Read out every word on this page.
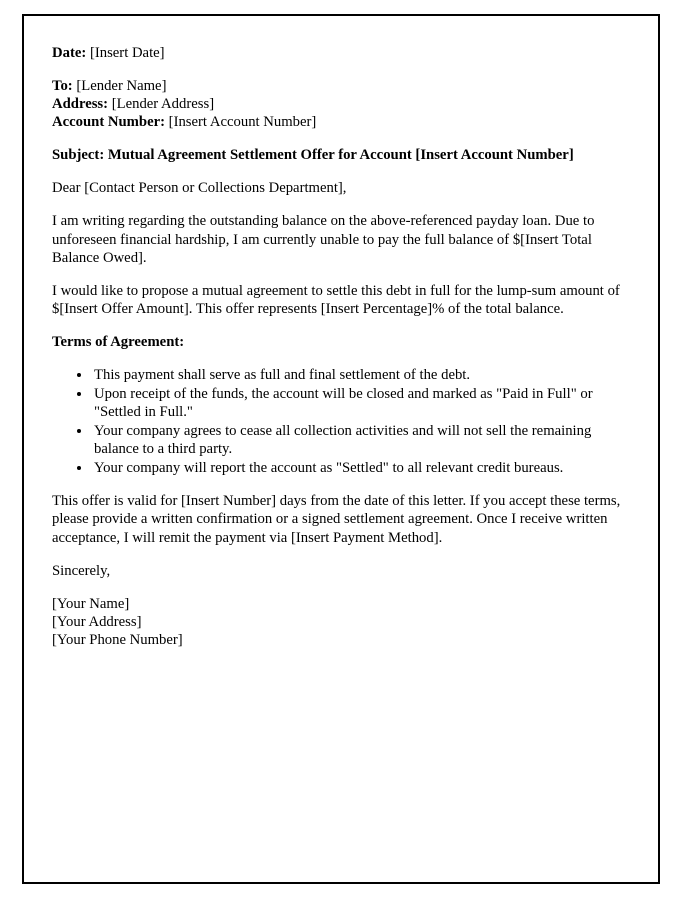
Date: [Insert Date]

To: [Lender Name]

Address: [Lender Address]

Account Number: [Insert Account Number]

Subject: Mutual Agreement Settlement Offer for Account [Insert Account Number]

Dear [Contact Person or Collections Department],

I am writing regarding the outstanding balance on the above-referenced payday loan. Due to unforeseen financial hardship, I am currently unable to pay the full balance of $[Insert Total Balance Owed].

I would like to propose a mutual agreement to settle this debt in full for the lump-sum amount of $[Insert Offer Amount]. This offer represents [Insert Percentage]% of the total balance.

Terms of Agreement:

• This payment shall serve as full and final settlement of the debt.
• Upon receipt of the funds, the account will be closed and marked as "Paid in Full" or "Settled in Full."
• Your company agrees to cease all collection activities and will not sell the remaining balance to a third party.
• Your company will report the account as "Settled" to all relevant credit bureaus.

This offer is valid for [Insert Number] days from the date of this letter. If you accept these terms, please provide a written confirmation or a signed settlement agreement. Once I receive written acceptance, I will remit the payment via [Insert Payment Method].

Sincerely,

[Your Name]

[Your Address]

[Your Phone Number]
